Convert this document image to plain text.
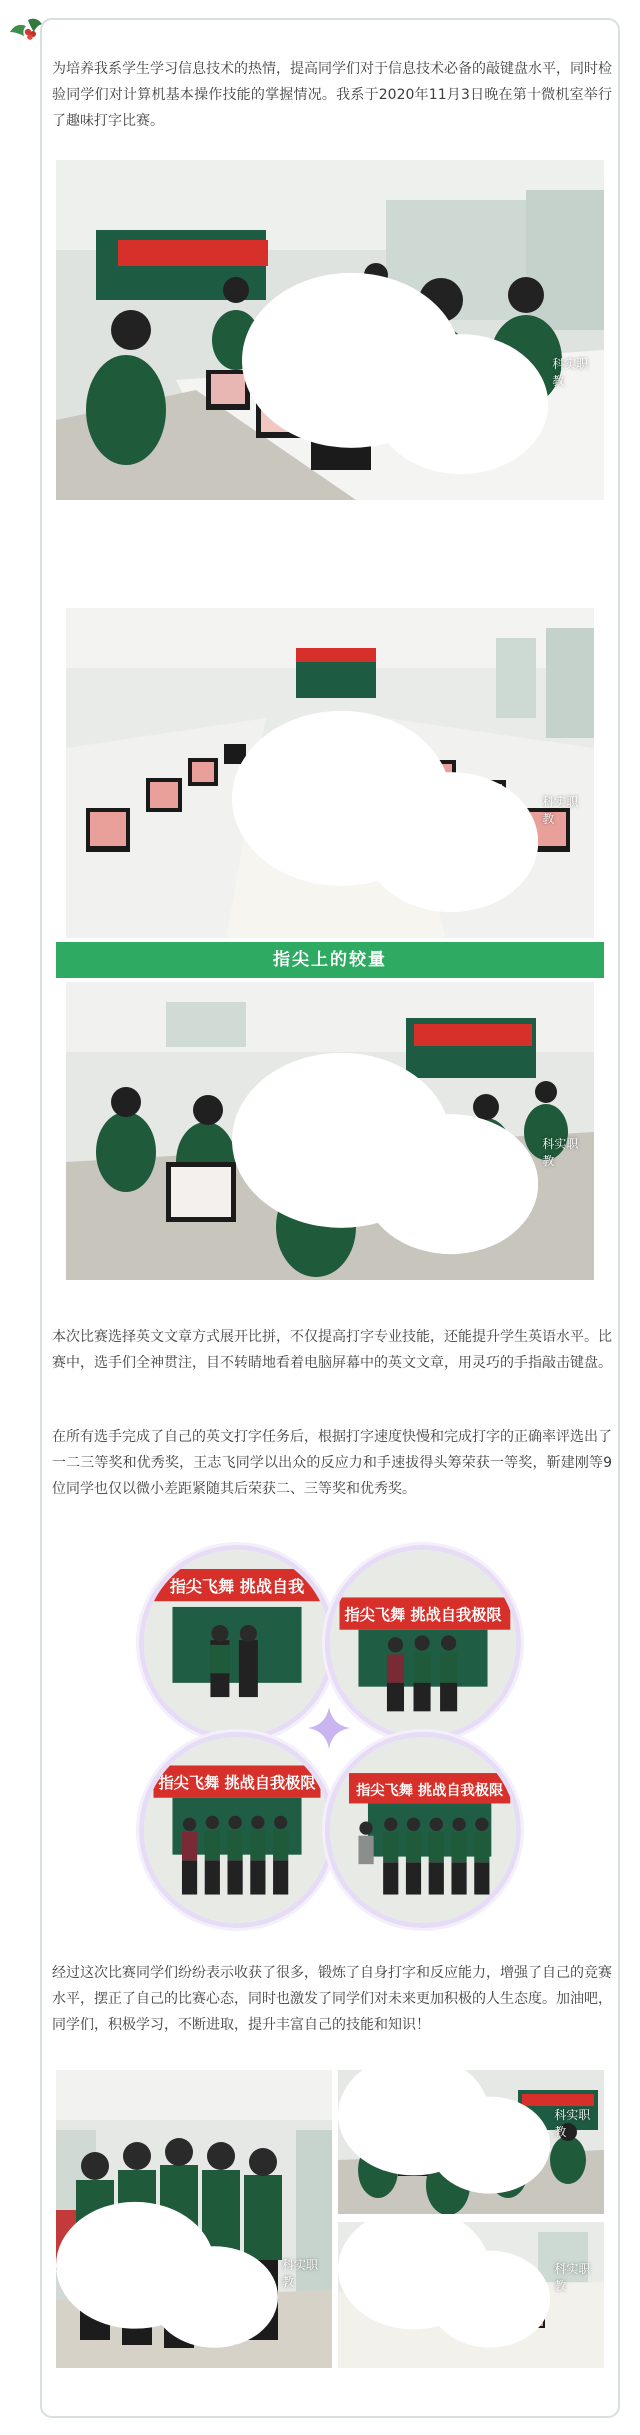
为培养我系学生学习信息技术的热情，提高同学们对于信息技术必备的敲键盘水平，同时检验同学们对计算机基本操作技能的掌握情况。我系于2020年11月3日晚在第十微机室举行了趣味打字比赛。

科实职教
科实职教
指尖上的较量
科实职教

本次比赛选择英文文章方式展开比拼，不仅提高打字专业技能，还能提升学生英语水平。比赛中，选手们全神贯注，目不转睛地看着电脑屏幕中的英文文章，用灵巧的手指敲击键盘。

在所有选手完成了自己的英文打字任务后，根据打字速度快慢和完成打字的正确率评选出了一二三等奖和优秀奖，王志飞同学以出众的反应力和手速拔得头筹荣获一等奖，靳建刚等9位同学也仅以微小差距紧随其后荣获二、三等奖和优秀奖。

指尖飞舞 挑战自我
指尖飞舞 挑战自我极限
指尖飞舞 挑战自我极限	指尖飞舞 挑战自我极限

经过这次比赛同学们纷纷表示收获了很多，锻炼了自身打字和反应能力，增强了自己的竞赛水平，摆正了自己的比赛心态，同时也激发了同学们对未来更加积极的人生态度。加油吧，同学们，积极学习，不断进取，提升丰富自己的技能和知识！

科实职教
科实职教
科实职教
